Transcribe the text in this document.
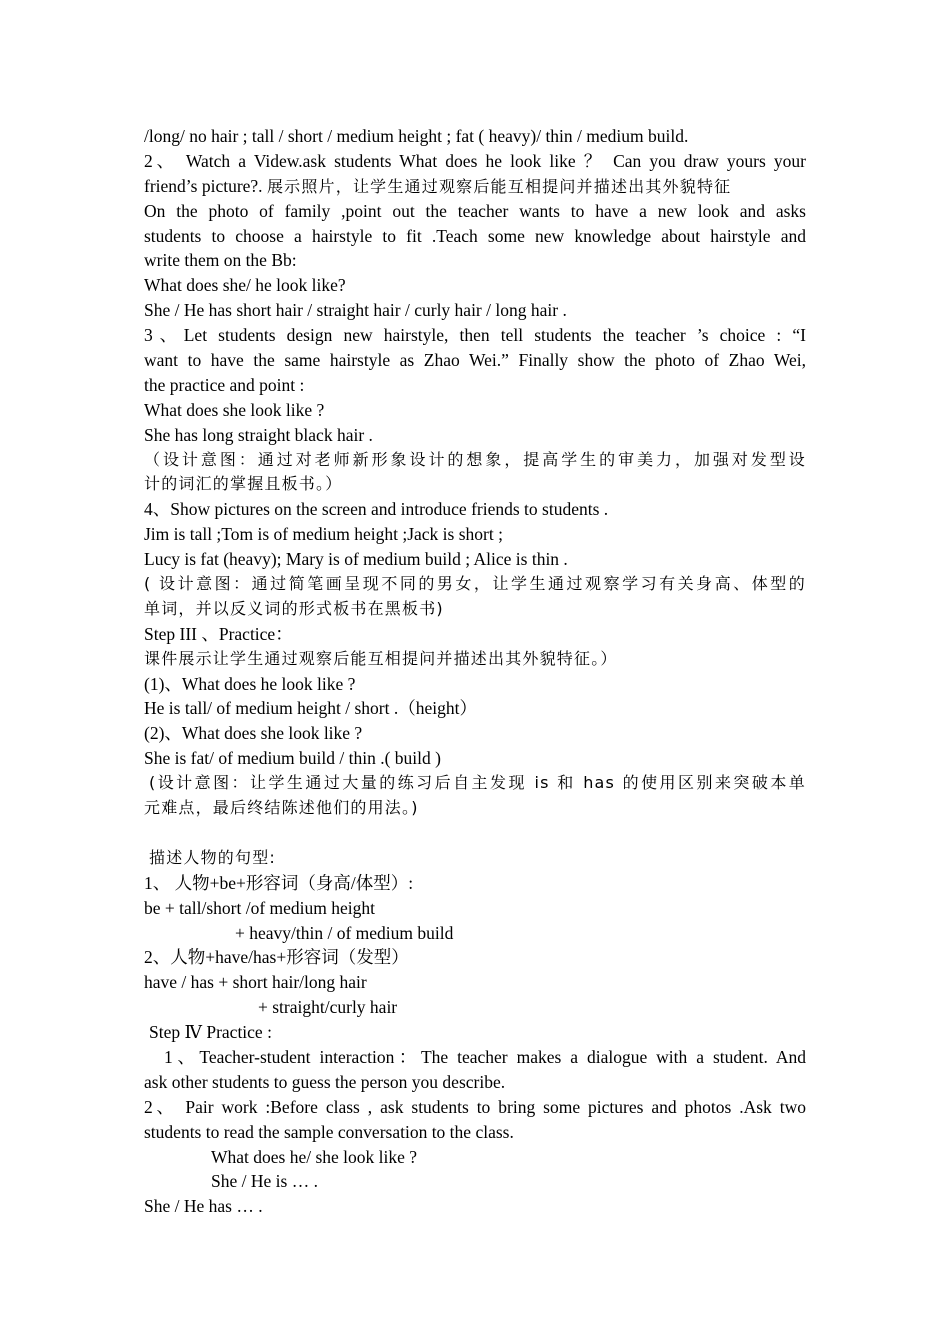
/long/ no hair ; tall / short / medium height ; fat ( heavy)/ thin / medium build.
2、 Watch a Videw.ask students What does he look like ？ Can you draw yours your
friend’s picture?. 展示照片，让学生通过观察后能互相提问并描述出其外貌特征
On the photo of family ,point out the teacher wants to have a new look and asks
students to choose a hairstyle to fit .Teach some new knowledge about hairstyle and
write them on the Bb:
What does she/ he look like?
She / He has short hair / straight hair / curly hair / long hair .
3、Let students design new hairstyle, then tell students the teacher ’s choice : “I
want to have the same hairstyle as Zhao Wei.” Finally show the photo of Zhao Wei,
the practice and point :
What does she look like ?
She has long straight black hair .
（设计意图：通过对老师新形象设计的想象，提高学生的审美力，加强对发型设
计的词汇的掌握且板书。）
4、Show pictures on the screen and introduce friends to students .
Jim is tall ;Tom is of medium height ;Jack is short ;
Lucy is fat (heavy); Mary is of medium build ; Alice is thin .
( 设计意图：通过简笔画呈现不同的男女，让学生通过观察学习有关身高、体型的
单词，并以反义词的形式板书在黑板书)
Step III 、Practice：
课件展示让学生通过观察后能互相提问并描述出其外貌特征。）
(1)、What does he look like ?
He is tall/ of medium height / short .（height）
(2)、What does she look like ?
She is fat/ of medium build / thin .( build )
(设计意图：让学生通过大量的练习后自主发现 is 和 has 的使用区别来突破本单
元难点，最后终结陈述他们的用法。)
描述人物的句型:
1、 人物+be+形容词（身高/体型）:
be + tall/short /of medium height
+ heavy/thin / of medium build
2、人物+have/has+形容词（发型）
have / has + short hair/long hair
+ straight/curly hair
Step Ⅳ Practice :
1、Teacher-student interaction：The teacher makes a dialogue with a student. And
ask other students to guess the person you describe.
2、 Pair work :Before class , ask students to bring some pictures and photos .Ask two
students to read the sample conversation to the class.
What does he/ she look like ?
She / He is … .
She / He has … .
